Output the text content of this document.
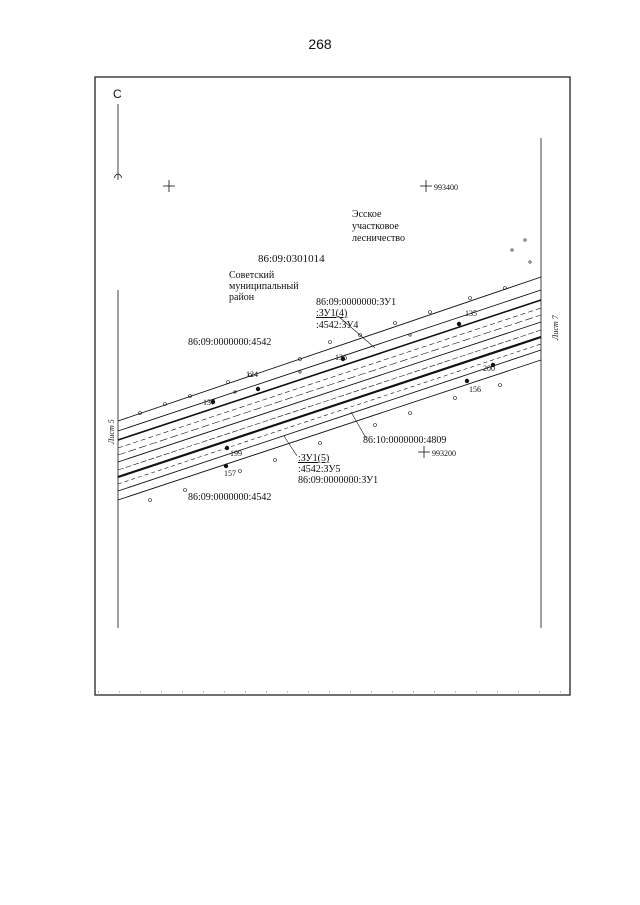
268
С
Лист 5
Лист 7
993400
993200
Эсское
участковое
лесничество
86:09:0301014
Советский
муниципальный
район	86:09:0000000:ЗУ1
:ЗУ1(4)
:4542:ЗУ4
86:09:0000000:4542
86:10:0000000:4809
:ЗУ1(5)
:4542:ЗУ5
86:09:0000000:ЗУ1
86:09:0000000:4542
124
137
136
135
200
156
199
157
